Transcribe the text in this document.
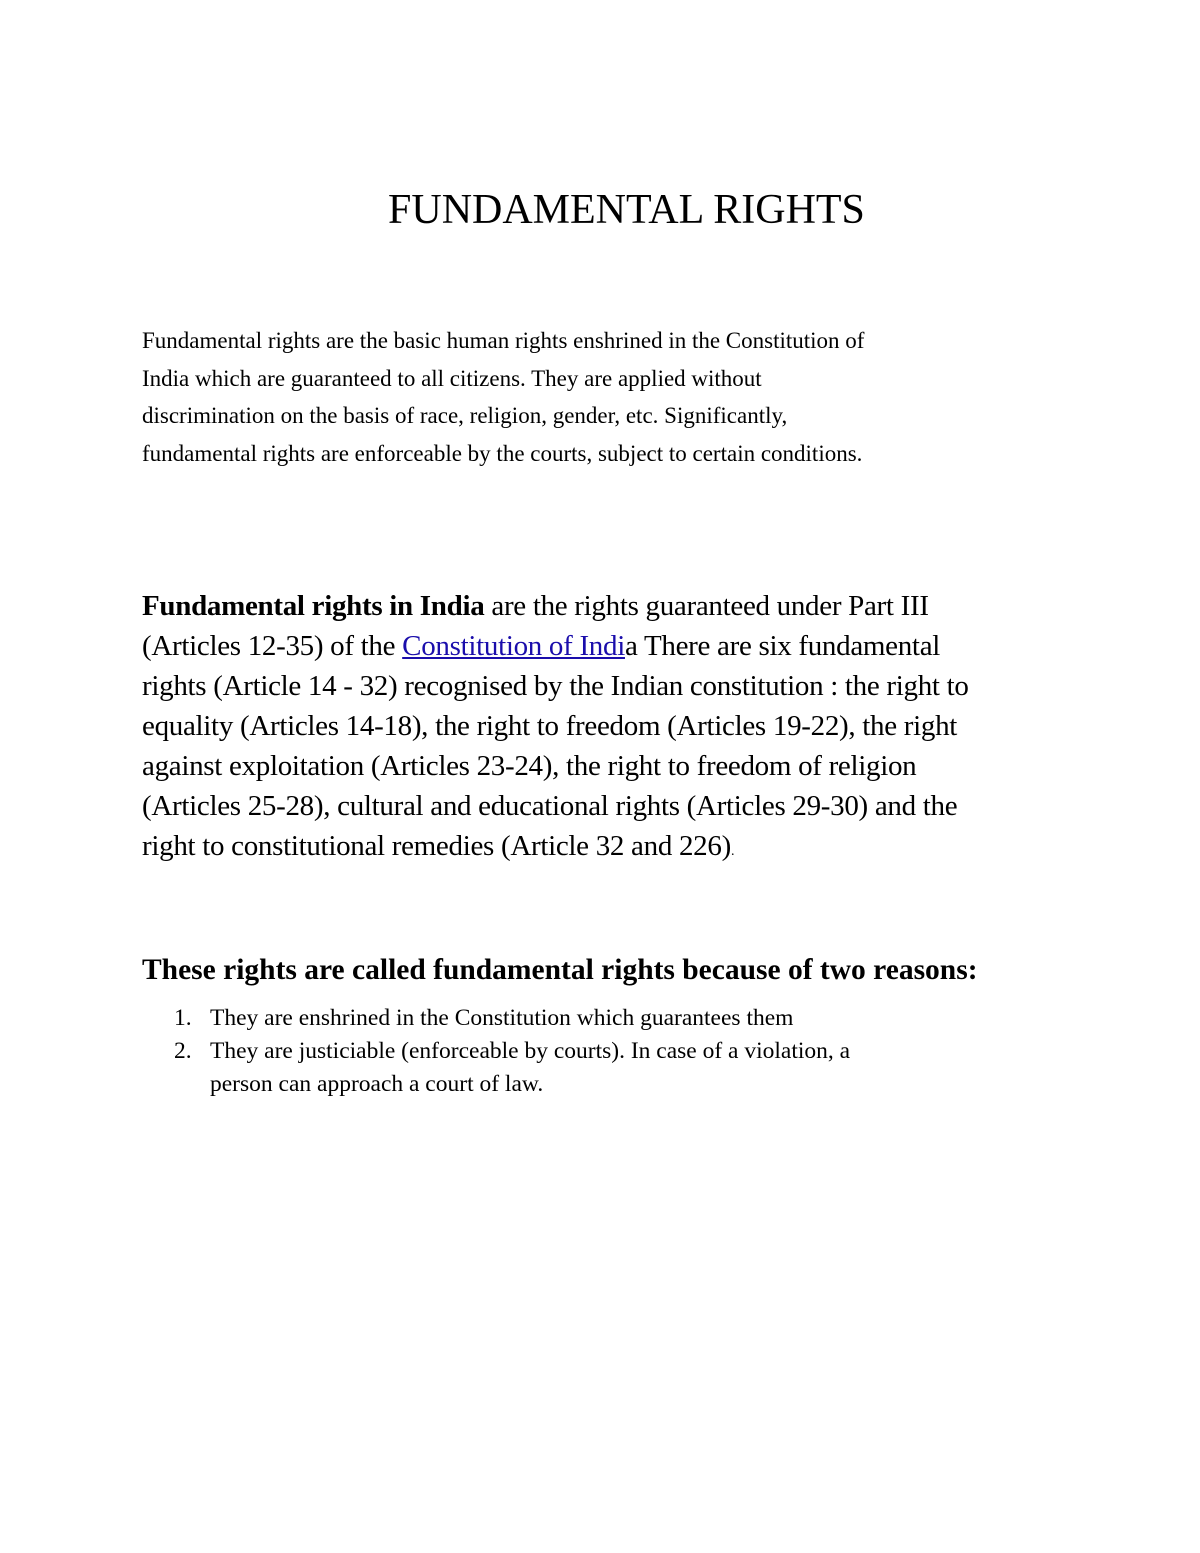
FUNDAMENTAL RIGHTS

Fundamental rights are the basic human rights enshrined in the Constitution of
India which are guaranteed to all citizens. They are applied without
discrimination on the basis of race, religion, gender, etc. Significantly,
fundamental rights are enforceable by the courts, subject to certain conditions.

Fundamental rights in India are the rights guaranteed under Part III
(Articles 12-35) of the Constitution of India There are six fundamental
rights (Article 14 - 32) recognised by the Indian constitution : the right to
equality (Articles 14-18), the right to freedom (Articles 19-22), the right
against exploitation (Articles 23-24), the right to freedom of religion
(Articles 25-28), cultural and educational rights (Articles 29-30) and the
right to constitutional remedies (Article 32 and 226).

These rights are called fundamental rights because of two reasons:
1. They are enshrined in the Constitution which guarantees them
2. They are justiciable (enforceable by courts). In case of a violation, a
person can approach a court of law.
